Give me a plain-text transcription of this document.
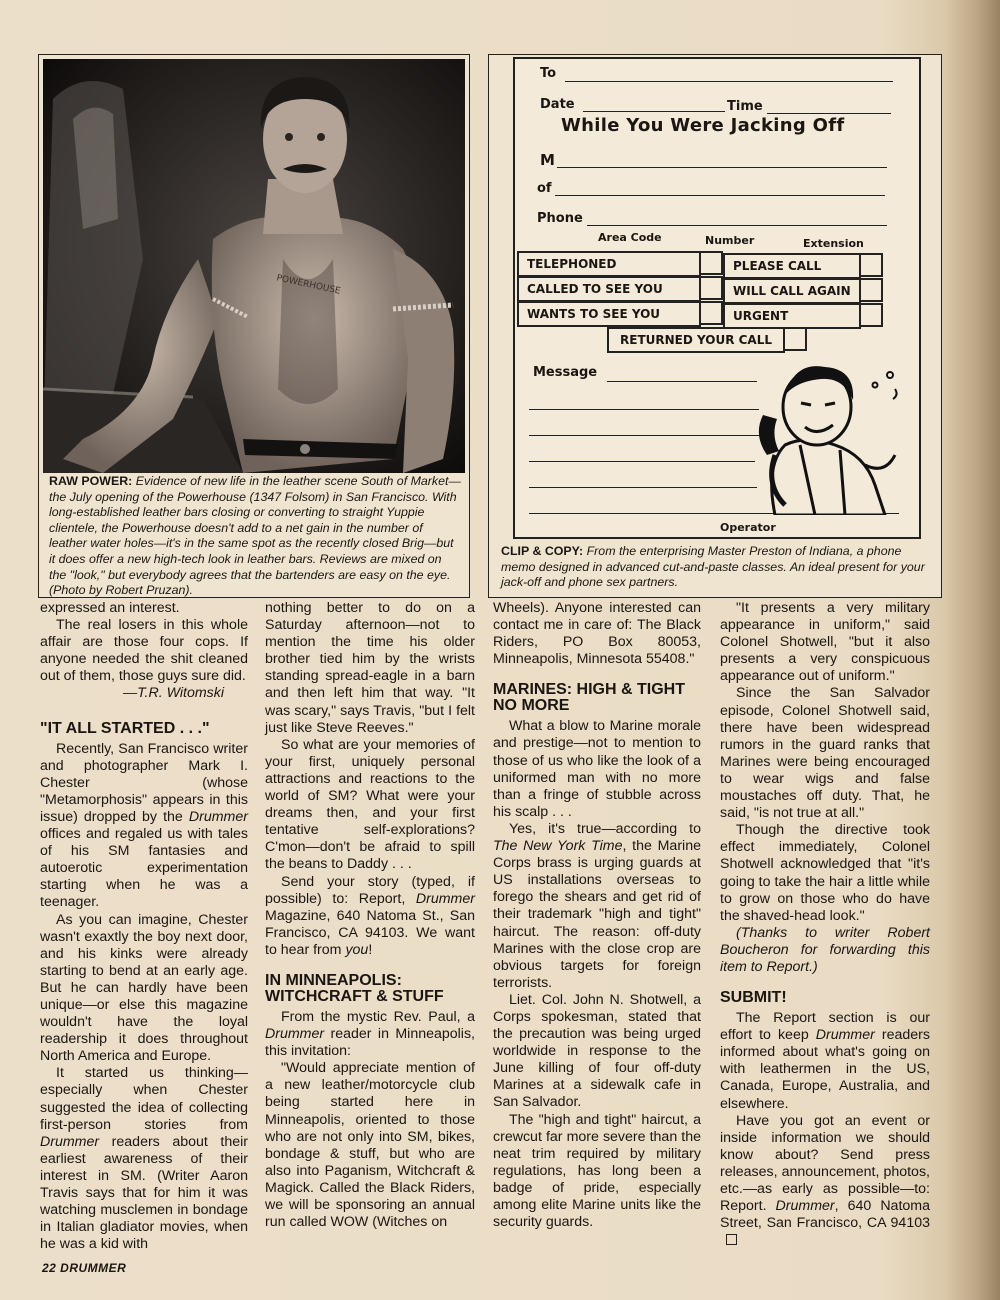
POWERHOUSE
RAW POWER: Evidence of new life in the leather scene South of Market—the July opening of the Powerhouse (1347 Folsom) in San Francisco. With long-established leather bars closing or converting to straight Yuppie clientele, the Powerhouse doesn't add to a net gain in the number of leather water holes—it's in the same spot as the recently closed Brig—but it does offer a new high-tech look in leather bars. Reviews are mixed on the "look," but everybody agrees that the bartenders are easy on the eye. (Photo by Robert Pruzan).
To
Date	Time
While You Were Jacking Off
M
of
Phone
Area Code	Number	Extension
TELEPHONED	PLEASE CALL
CALLED TO SEE YOU	WILL CALL AGAIN
WANTS TO SEE YOU	URGENT
RETURNED YOUR CALL
Message
Operator
CLIP & COPY: From the enterprising Master Preston of Indiana, a phone memo designed in advanced cut-and-paste classes. An ideal present for your jack-off and phone sex partners.

expressed an interest.

The real losers in this whole affair are those four cops. If anyone needed the shit cleaned out of them, those guys sure did.

—T.R. Witomski

"IT ALL STARTED . . ."

Recently, San Francisco writer and photographer Mark I. Chester (whose "Metamorphosis" appears in this issue) dropped by the Drummer offices and regaled us with tales of his SM fantasies and autoerotic experimentation starting when he was a teenager.

As you can imagine, Chester wasn't exaxtly the boy next door, and his kinks were already starting to bend at an early age. But he can hardly have been unique—or else this magazine wouldn't have the loyal readership it does throughout North America and Europe.

It started us thinking—especially when Chester suggested the idea of collecting first-person stories from Drummer readers about their earliest awareness of their interest in SM. (Writer Aaron Travis says that for him it was watching musclemen in bondage in Italian gladiator movies, when he was a kid with

nothing better to do on a Saturday afternoon—not to mention the time his older brother tied him by the wrists standing spread-eagle in a barn and then left him that way. "It was scary," says Travis, "but I felt just like Steve Reeves."

So what are your memories of your first, uniquely personal attractions and reactions to the world of SM? What were your dreams then, and your first tentative self-explorations? C'mon—don't be afraid to spill the beans to Daddy . . .

Send your story (typed, if possible) to: Report, Drummer Magazine, 640 Natoma St., San Francisco, CA 94103. We want to hear from you!

IN MINNEAPOLIS: WITCHCRAFT & STUFF

From the mystic Rev. Paul, a Drummer reader in Minneapolis, this invitation:

"Would appreciate mention of a new leather/motorcycle club being started here in Minneapolis, oriented to those who are not only into SM, bikes, bondage & stuff, but who are also into Paganism, Witchcraft & Magick. Called the Black Riders, we will be sponsoring an annual run called WOW (Witches on

Wheels). Anyone interested can contact me in care of: The Black Riders, PO Box 80053, Minneapolis, Minnesota 55408."

MARINES: HIGH & TIGHT NO MORE

What a blow to Marine morale and prestige—not to mention to those of us who like the look of a uniformed man with no more than a fringe of stubble across his scalp . . .

Yes, it's true—according to The New York Time, the Marine Corps brass is urging guards at US installations overseas to forego the shears and get rid of their trademark "high and tight" haircut. The reason: off-duty Marines with the close crop are obvious targets for foreign terrorists.

Liet. Col. John N. Shotwell, a Corps spokesman, stated that the precaution was being urged worldwide in response to the June killing of four off-duty Marines at a sidewalk cafe in San Salvador.

The "high and tight" haircut, a crewcut far more severe than the neat trim required by military regulations, has long been a badge of pride, especially among elite Marine units like the security guards.

"It presents a very military appearance in uniform," said Colonel Shotwell, "but it also presents a very conspicuous appearance out of uniform."

Since the San Salvador episode, Colonel Shotwell said, there have been widespread rumors in the guard ranks that Marines were being encouraged to wear wigs and false moustaches off duty. That, he said, "is not true at all."

Though the directive took effect immediately, Colonel Shotwell acknowledged that "it's going to take the hair a little while to grow on those who do have the shaved-head look."

(Thanks to writer Robert Boucheron for forwarding this item to Report.)

SUBMIT!

The Report section is our effort to keep Drummer readers informed about what's going on with leathermen in the US, Canada, Europe, Australia, and elsewhere.

Have you got an event or inside information we should know about? Send press releases, announcement, photos, etc.—as early as possible—to: Report. Drummer, 640 Natoma Street, San Francisco, CA 94103

22 DRUMMER
